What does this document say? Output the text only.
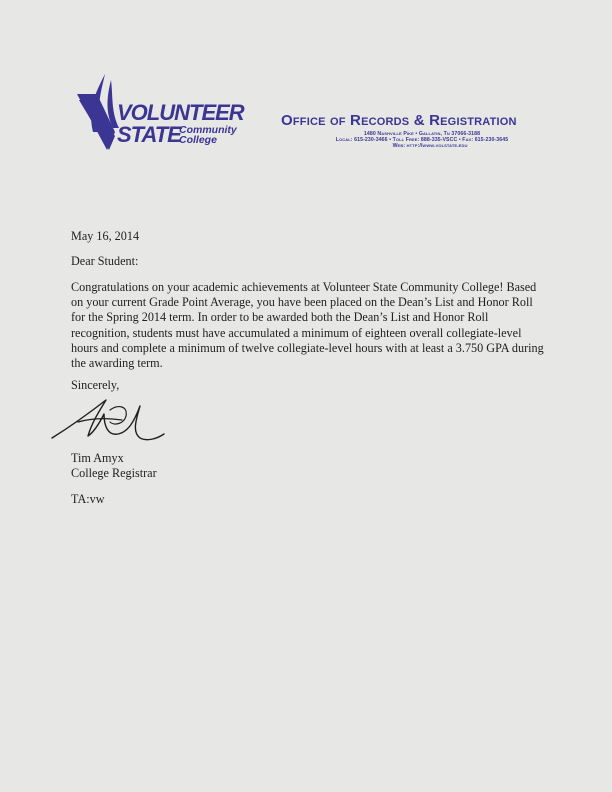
VOLUNTEER
STATE
Community
College
Office of Records & Registration
1480 Nashville Pike • Gallatin, Tn 37066-3188
Local: 615-230-3466 • Toll Free: 888-335-VSCC • Fax: 615-230-3645
Web: http://www.volstate.edu
May 16, 2014
Dear Student:
Congratulations on your academic achievements at Volunteer State Community College! Based
on your current Grade Point Average, you have been placed on the Dean’s List and Honor Roll
for the Spring 2014 term. In order to be awarded both the Dean’s List and Honor Roll
recognition, students must have accumulated a minimum of eighteen overall collegiate-level
hours and complete a minimum of twelve collegiate-level hours with at least a 3.750 GPA during
the awarding term.
Sincerely,
Tim Amyx
College Registrar
TA:vw
